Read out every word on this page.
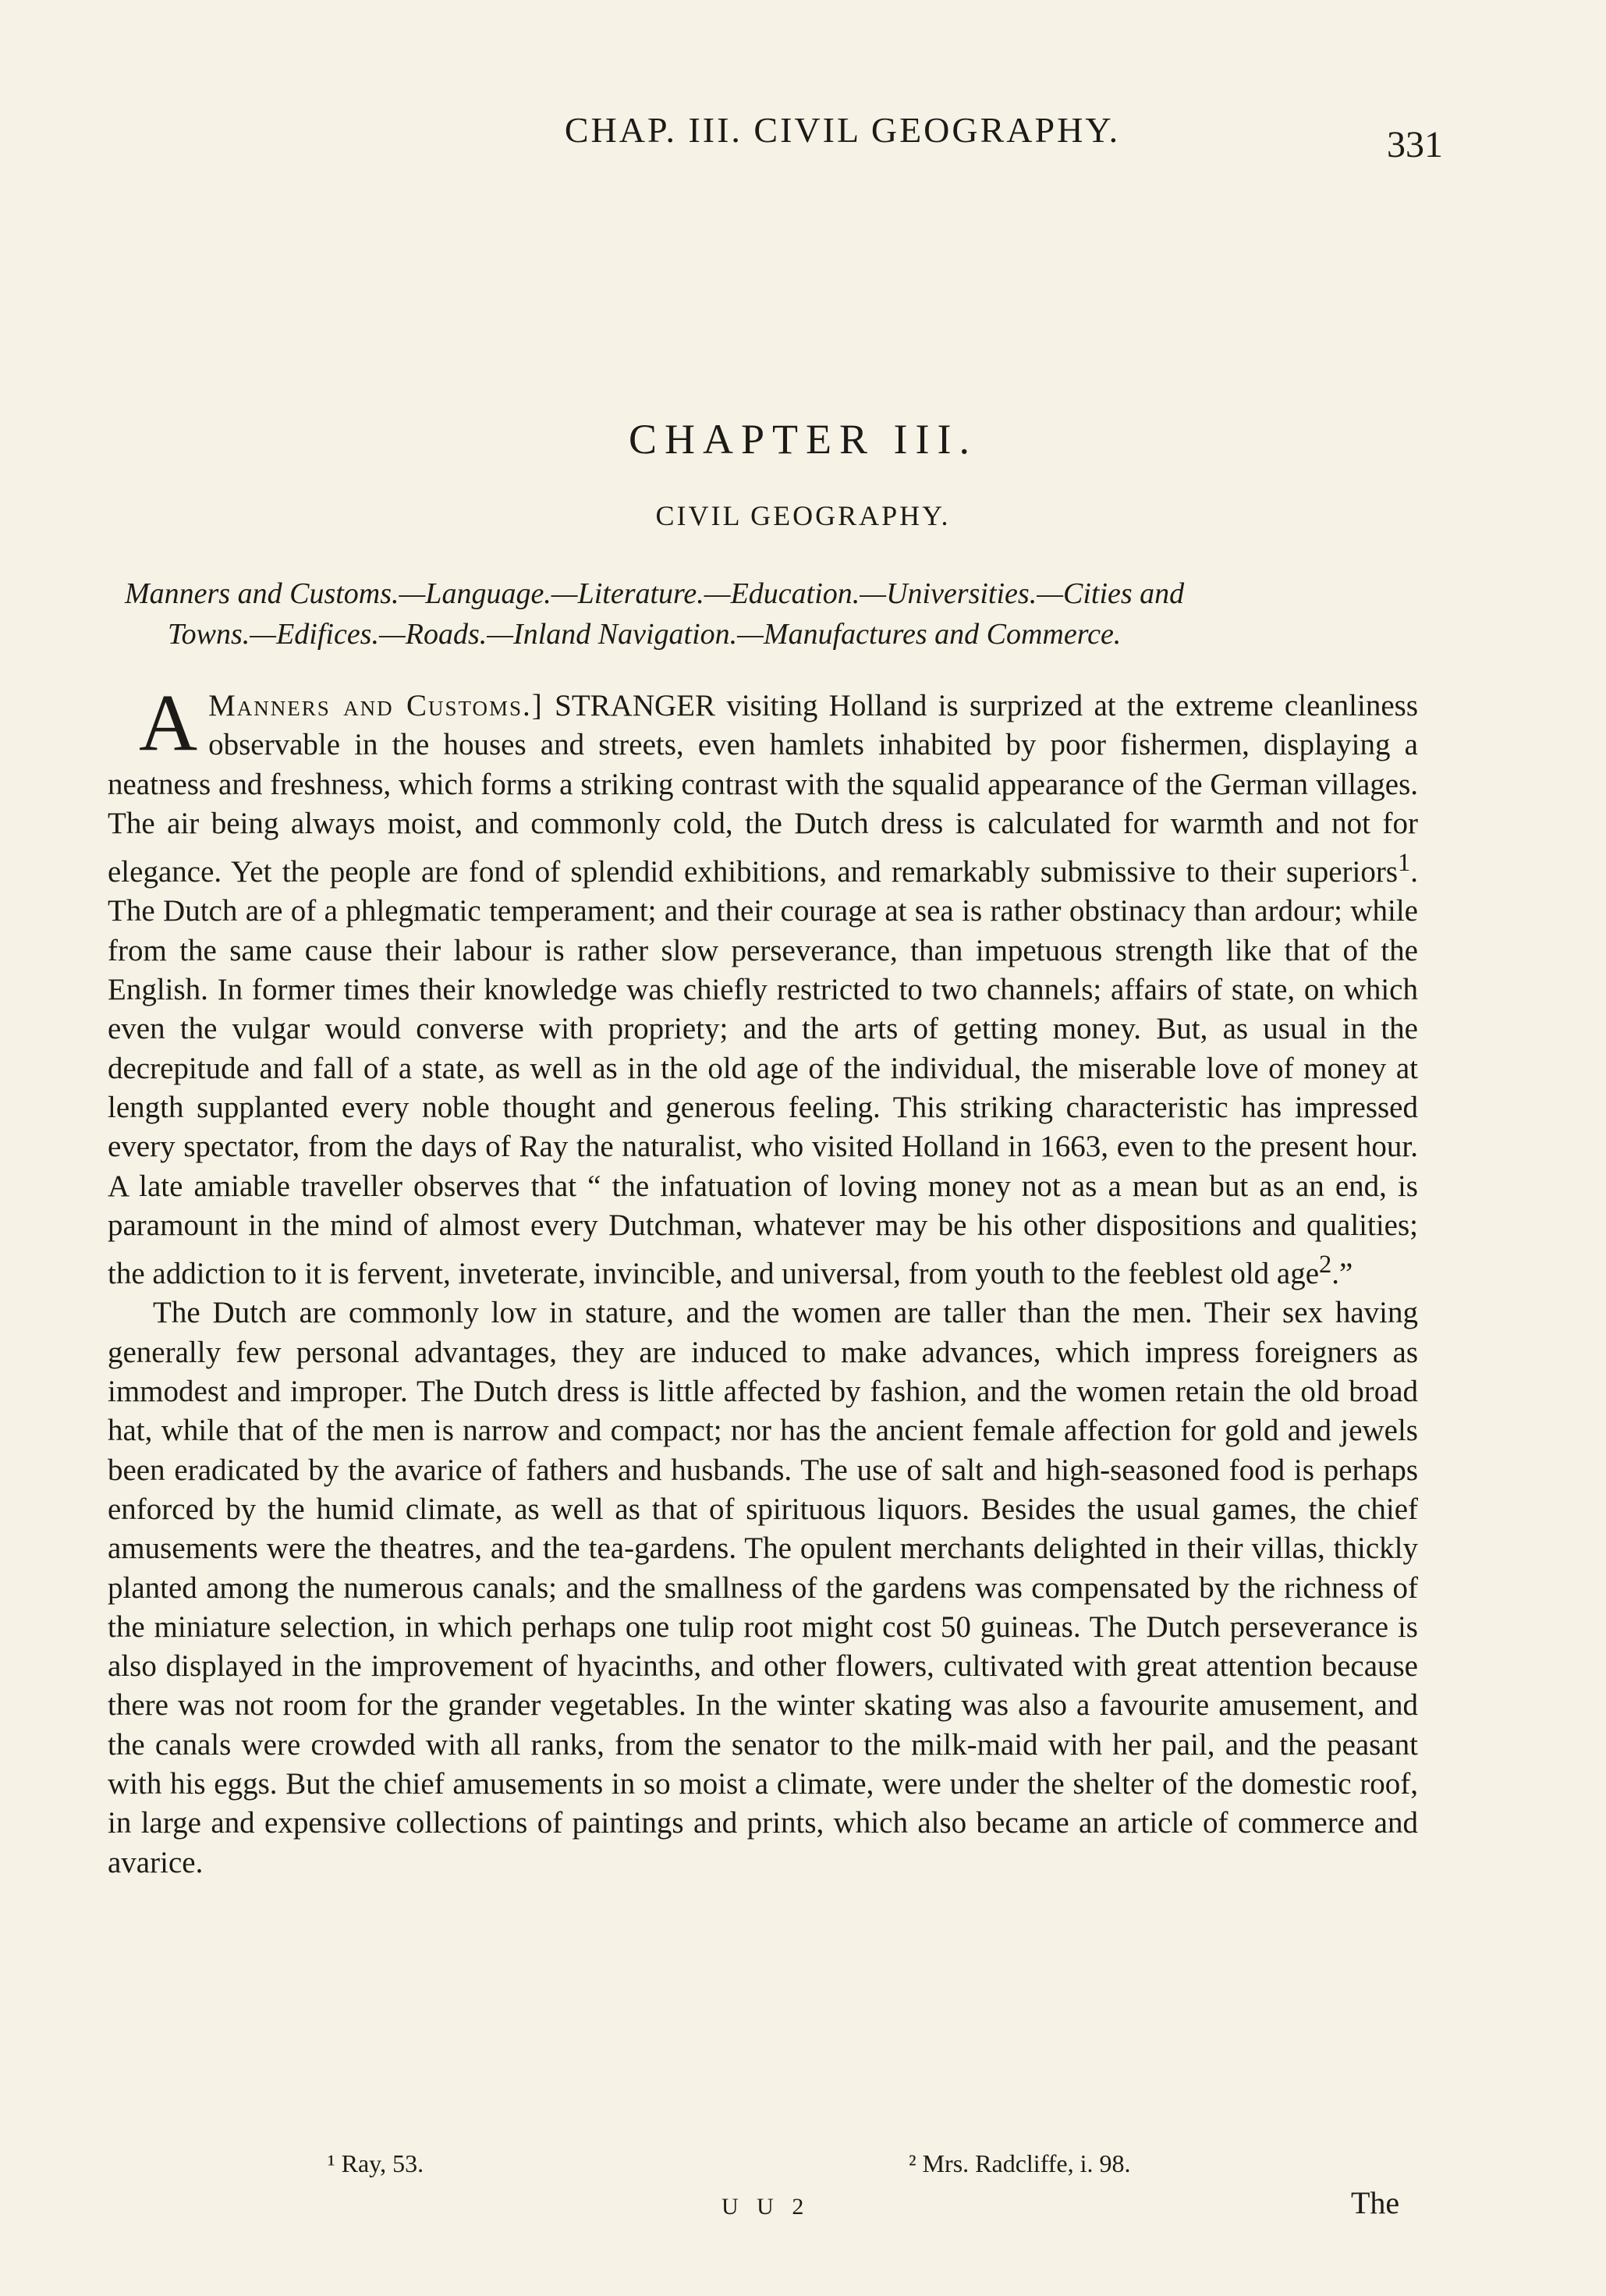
CHAP. III. CIVIL GEOGRAPHY.	331
CHAPTER III.
CIVIL GEOGRAPHY.
Manners and Customs.—Language.—Literature.—Education.—Universities.—Cities and
Towns.—Edifices.—Roads.—Inland Navigation.—Manufactures and Commerce.

Manners and Customs.]
A	STRANGER visiting Holland is surprized at the extreme cleanliness observable in the houses and streets, even hamlets inhabited by poor fishermen, displaying a neatness and freshness, which forms a striking contrast with the squalid appearance of the German villages. The air being always moist, and commonly cold, the Dutch dress is calculated for warmth and not for elegance. Yet the people are fond of splendid exhibitions, and remarkably submissive to their superiors$^1$. The Dutch are of a phlegmatic temperament; and their courage at sea is rather obstinacy than ardour; while from the same cause their labour is rather slow perseverance, than impetuous strength like that of the English. In former times their knowledge was chiefly restricted to two channels; affairs of state, on which even the vulgar would converse with propriety; and the arts of getting money. But, as usual in the decrepitude and fall of a state, as well as in the old age of the individual, the miserable love of money at length supplanted every noble thought and generous feeling. This striking characteristic has impressed every spectator, from the days of Ray the naturalist, who visited Holland in 1663, even to the present hour. A late amiable traveller observes that “ the infatuation of loving money not as a mean but as an end, is paramount in the mind of almost every Dutchman, whatever may be his other dispositions and qualities; the addiction to it is fervent, inveterate, invincible, and universal, from youth to the feeblest old age$^2$.”

The Dutch are commonly low in stature, and the women are taller than the men. Their sex having generally few personal advantages, they are induced to make advances, which impress foreigners as immodest and improper. The Dutch dress is little affected by fashion, and the women retain the old broad hat, while that of the men is narrow and compact; nor has the ancient female affection for gold and jewels been eradicated by the avarice of fathers and husbands. The use of salt and high-seasoned food is perhaps enforced by the humid climate, as well as that of spirituous liquors. Besides the usual games, the chief amusements were the theatres, and the tea-gardens. The opulent merchants delighted in their villas, thickly planted among the numerous canals; and the smallness of the gardens was compensated by the richness of the miniature selection, in which perhaps one tulip root might cost 50 guineas. The Dutch perseverance is also displayed in the improvement of hyacinths, and other flowers, cultivated with great attention because there was not room for the grander vegetables. In the winter skating was also a favourite amusement, and the canals were crowded with all ranks, from the senator to the milk-maid with her pail, and the peasant with his eggs. But the chief amusements in so moist a climate, were under the shelter of the domestic roof, in large and expensive collections of paintings and prints, which also became an article of commerce and avarice.

¹ Ray, 53.	² Mrs. Radcliffe, i. 98.
U U 2	The
